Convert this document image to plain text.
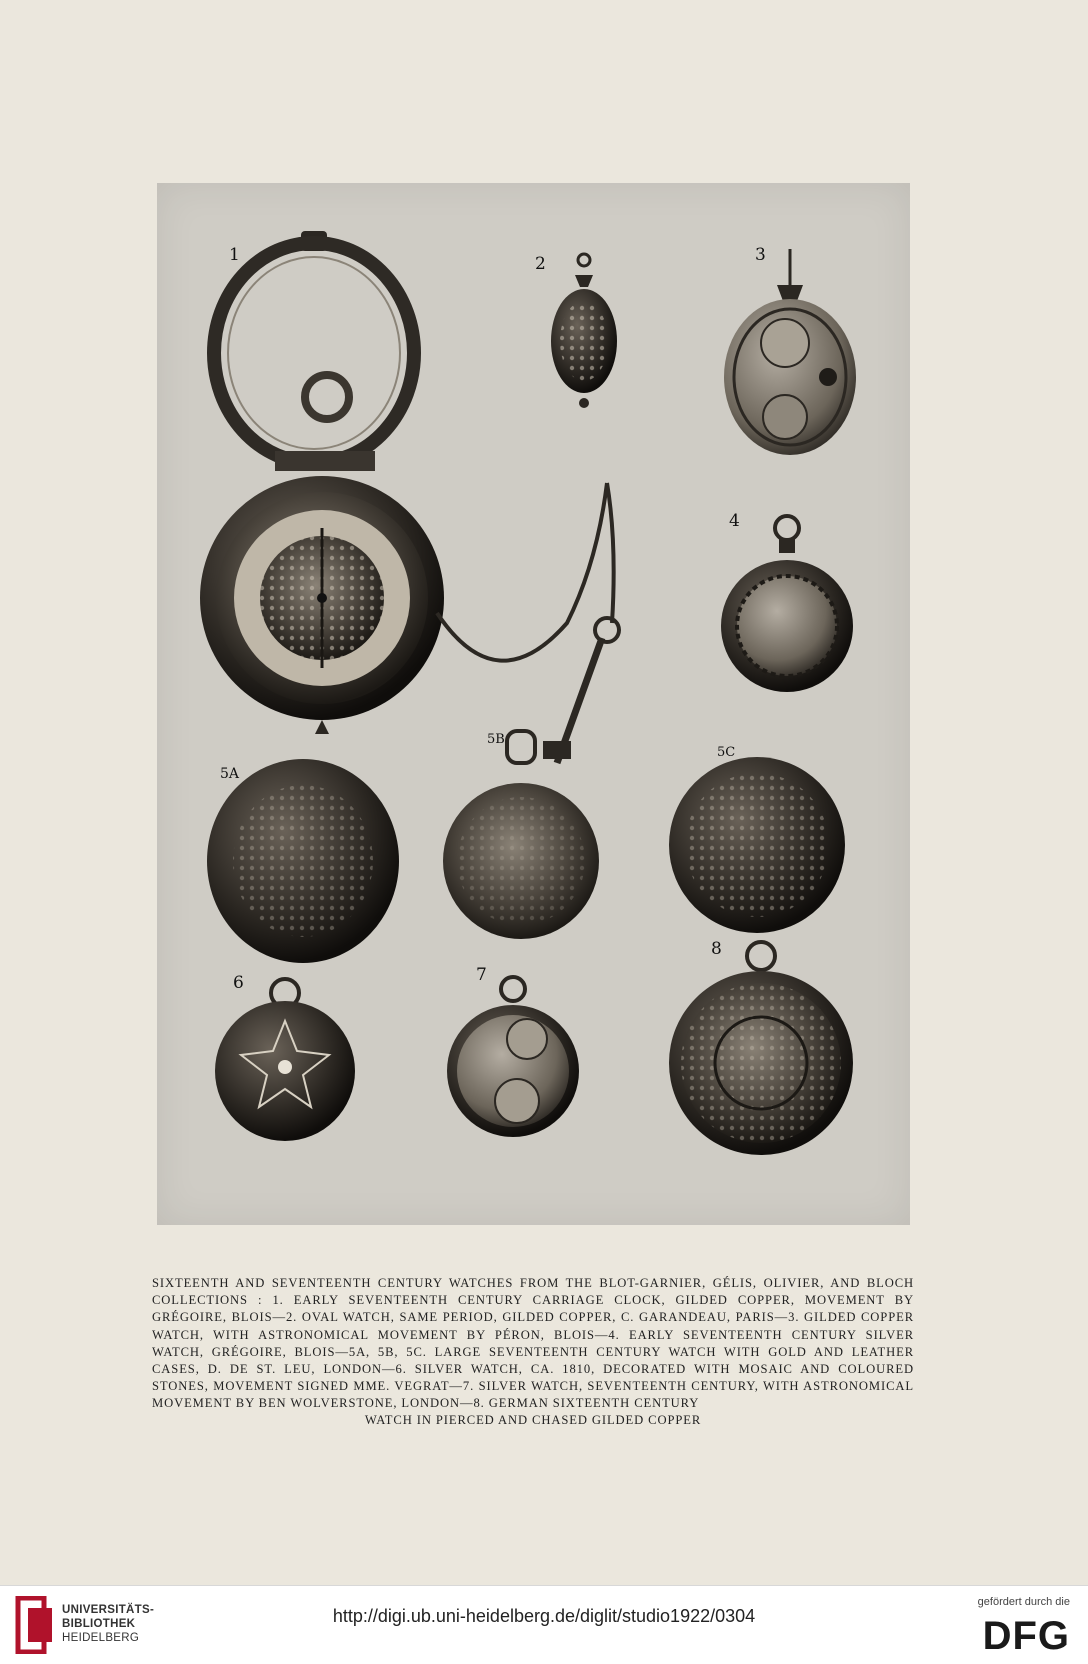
1	2	3
4
5A
5B
5C
6	7
8
SIXTEENTH AND SEVENTEENTH CENTURY WATCHES FROM THE BLOT-GARNIER, GÉLIS, OLIVIER, AND BLOCH COLLECTIONS : 1. EARLY SEVENTEENTH CENTURY CARRIAGE CLOCK, GILDED COPPER, MOVEMENT BY GRÉGOIRE, BLOIS—2. OVAL WATCH, SAME PERIOD, GILDED COPPER, C. GARANDEAU, PARIS—3. GILDED COPPER WATCH, WITH ASTRONOMICAL MOVEMENT BY PÉRON, BLOIS—4. EARLY SEVENTEENTH CENTURY SILVER WATCH, GRÉGOIRE, BLOIS—5A, 5B, 5C. LARGE SEVENTEENTH CENTURY WATCH WITH GOLD AND LEATHER CASES, D. DE ST. LEU, LONDON—6. SILVER WATCH, CA. 1810, DECORATED WITH MOSAIC AND COLOURED STONES, MOVEMENT SIGNED MME. VEGRAT—7. SILVER WATCH, SEVENTEENTH CENTURY, WITH ASTRONOMICAL MOVEMENT BY BEN WOLVERSTONE, LONDON—8. GERMAN SIXTEENTH CENTURY
WATCH IN PIERCED AND CHASED GILDED COPPER
UNIVERSITÄTS-
BIBLIOTHEK
HEIDELBERG
http://digi.ub.uni-heidelberg.de/diglit/studio1922/0304
gefördert durch die
DFG
